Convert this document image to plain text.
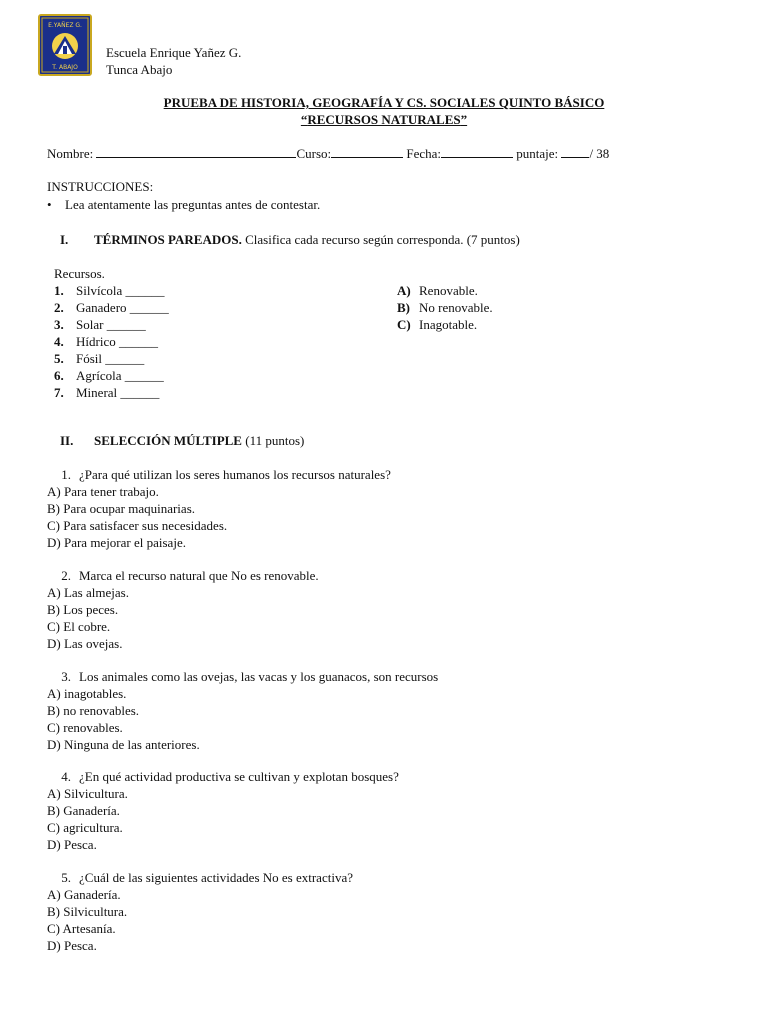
E.YAÑEZ G.
T. ABAJO
Escuela Enrique Yañez G.
Tunca Abajo
PRUEBA DE HISTORIA, GEOGRAFÍA Y CS. SOCIALES QUINTO BÁSICO
“RECURSOS NATURALES”
Nombre:	Curso:	Fecha:	puntaje: / 38
INSTRUCCIONES:
• Lea atentamente las preguntas antes de contestar.
I. TÉRMINOS PAREADOS. Clasifica cada recurso según corresponda. (7 puntos)
Recursos.
1. Silvícola ______
2. Ganadero ______
3. Solar ______
4. Hídrico ______
5. Fósil ______
6. Agrícola ______
7. Mineral ______
A) Renovable.
B) No renovable.
C) Inagotable.
II. SELECCIÓN MÚLTIPLE (11 puntos)
1. ¿Para qué utilizan los seres humanos los recursos naturales?
A) Para tener trabajo.
B) Para ocupar maquinarias.
C) Para satisfacer sus necesidades.
D) Para mejorar el paisaje.
2. Marca el recurso natural que No es renovable.
A) Las almejas.
B) Los peces.
C) El cobre.
D) Las ovejas.
3. Los animales como las ovejas, las vacas y los guanacos, son recursos
A) inagotables.
B) no renovables.
C) renovables.
D) Ninguna de las anteriores.
4. ¿En qué actividad productiva se cultivan y explotan bosques?
A) Silvicultura.
B) Ganadería.
C) agricultura.
D) Pesca.
5. ¿Cuál de las siguientes actividades No es extractiva?
A) Ganadería.
B) Silvicultura.
C) Artesanía.
D) Pesca.
